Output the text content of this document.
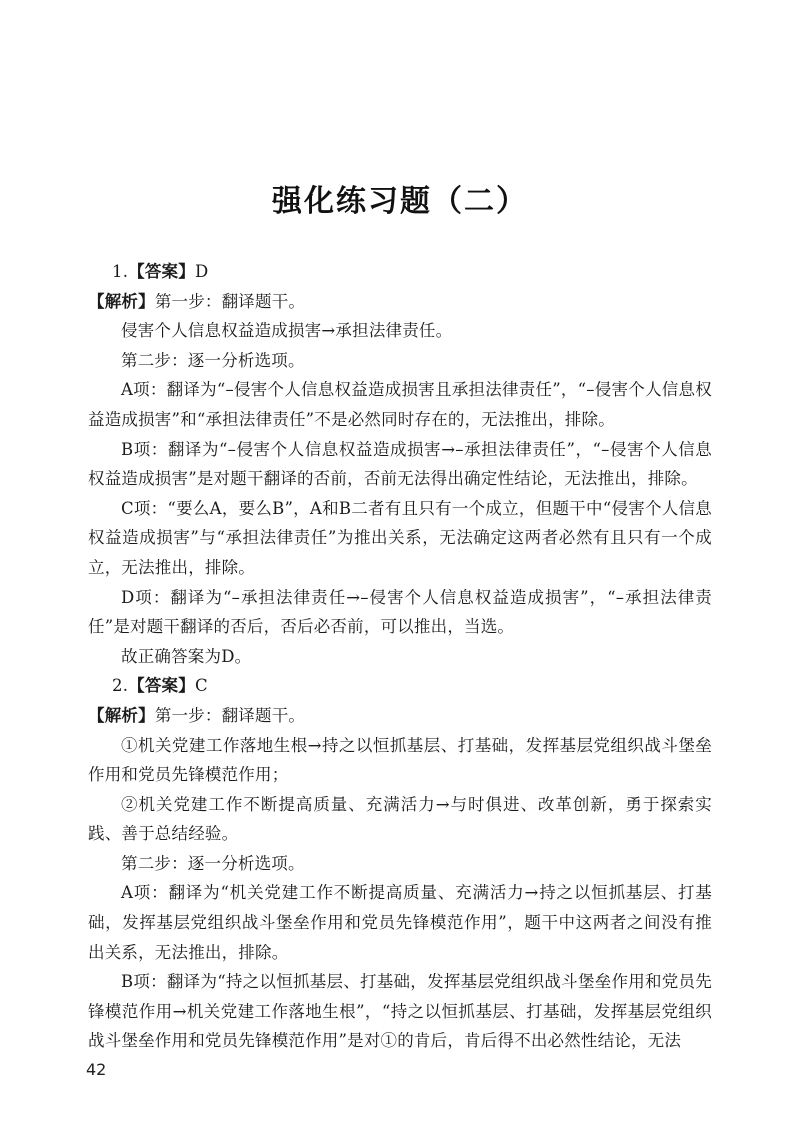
强化练习题（二）

1.【答案】D

【解析】第一步：翻译题干。

侵害个人信息权益造成损害→承担法律责任。

第二步：逐一分析选项。

A项：翻译为“–侵害个人信息权益造成损害且承担法律责任”，“–侵害个人信息权益造成损害”和“承担法律责任”不是必然同时存在的，无法推出，排除。

B项：翻译为“–侵害个人信息权益造成损害→–承担法律责任”，“–侵害个人信息权益造成损害”是对题干翻译的否前，否前无法得出确定性结论，无法推出，排除。

C项：“要么A，要么B”，A和B二者有且只有一个成立，但题干中“侵害个人信息权益造成损害”与“承担法律责任”为推出关系，无法确定这两者必然有且只有一个成立，无法推出，排除。

D项：翻译为“–承担法律责任→–侵害个人信息权益造成损害”，“–承担法律责任”是对题干翻译的否后，否后必否前，可以推出，当选。

故正确答案为D。

2.【答案】C

【解析】第一步：翻译题干。

①机关党建工作落地生根→持之以恒抓基层、打基础，发挥基层党组织战斗堡垒作用和党员先锋模范作用；

②机关党建工作不断提高质量、充满活力→与时俱进、改革创新，勇于探索实践、善于总结经验。

第二步：逐一分析选项。

A项：翻译为“机关党建工作不断提高质量、充满活力→持之以恒抓基层、打基础，发挥基层党组织战斗堡垒作用和党员先锋模范作用”，题干中这两者之间没有推出关系，无法推出，排除。

B项：翻译为“持之以恒抓基层、打基础，发挥基层党组织战斗堡垒作用和党员先锋模范作用→机关党建工作落地生根”，“持之以恒抓基层、打基础，发挥基层党组织战斗堡垒作用和党员先锋模范作用”是对①的肯后，肯后得不出必然性结论，无法

42
